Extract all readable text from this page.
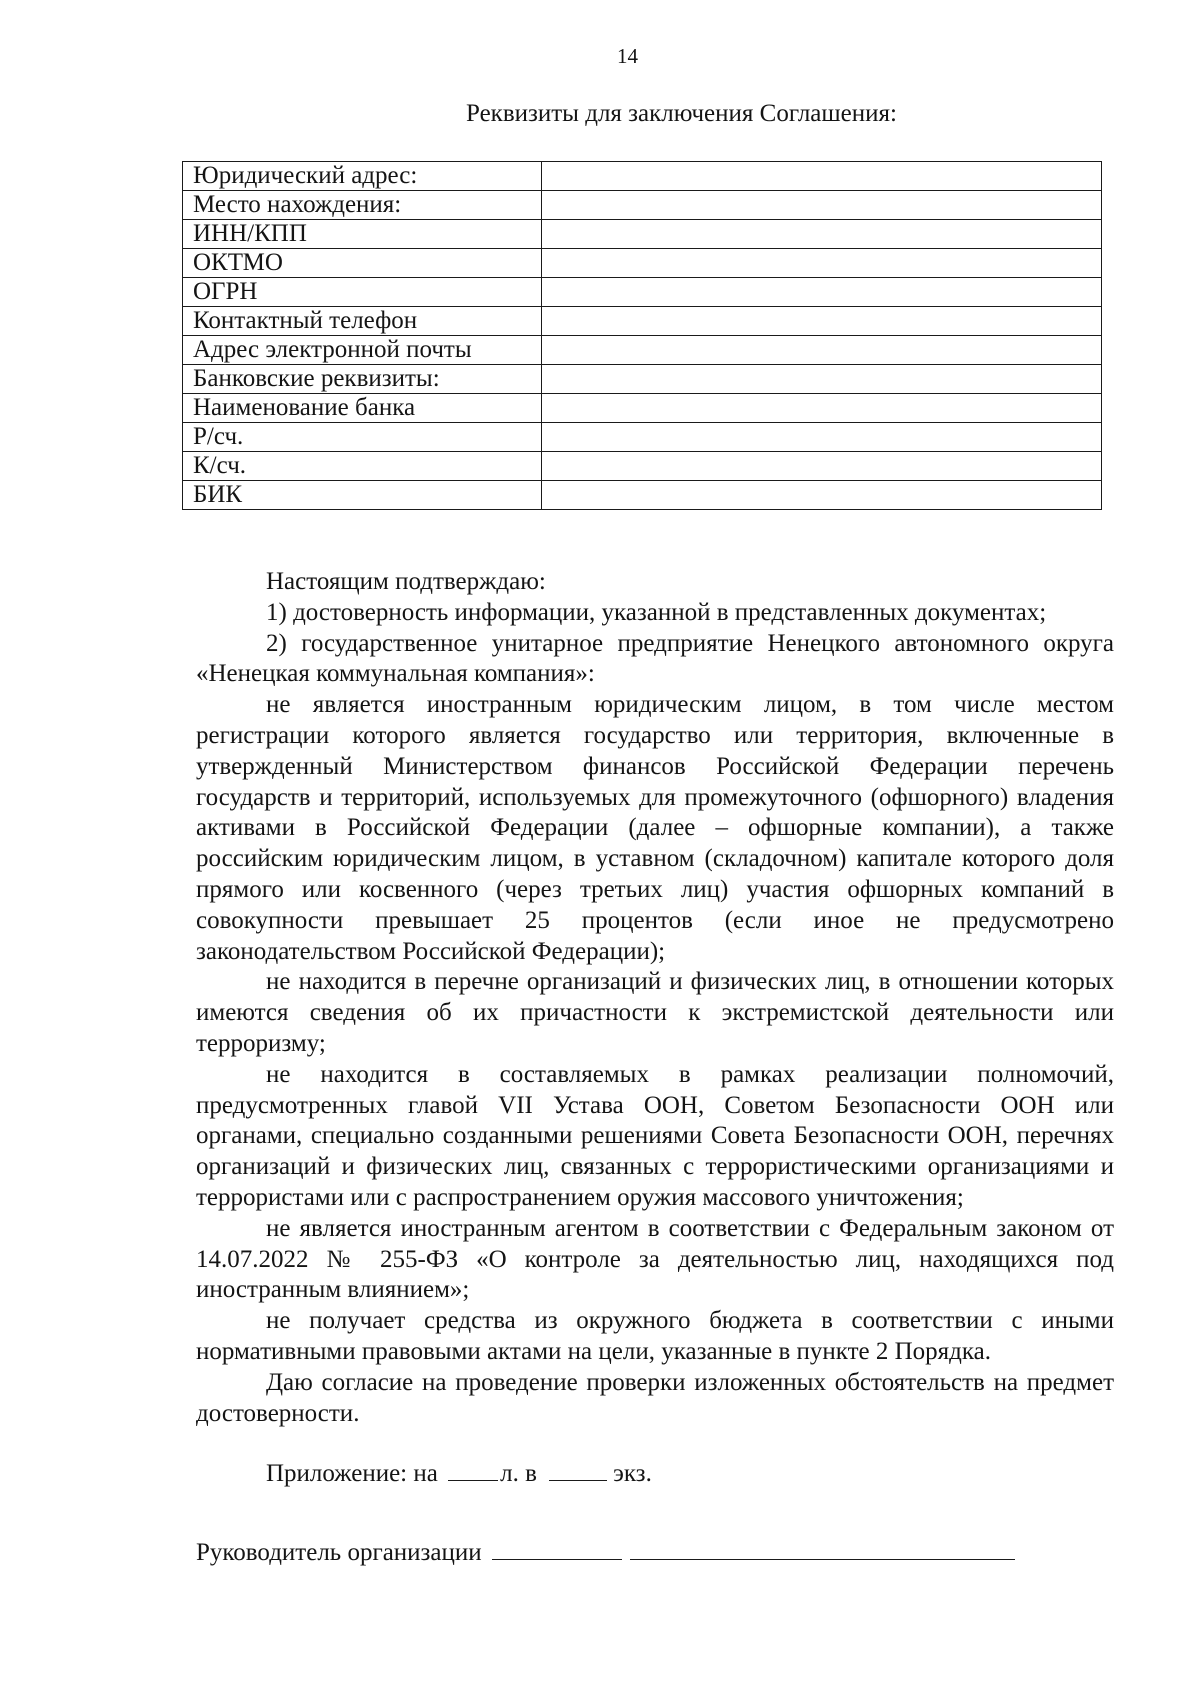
14
Реквизиты для заключения Соглашения:
Юридический адрес:	
Место нахождения:	
ИНН/КПП	
ОКТМО	
ОГРН	
Контактный телефон	
Адрес электронной почты	
Банковские реквизиты:	
Наименование банка	
Р/сч.	
К/сч.	
БИК	

Настоящим подтверждаю:

1) достоверность информации, указанной в представленных документах;

2) государственное унитарное предприятие Ненецкого автономного округа «Ненецкая коммунальная компания»:

не является иностранным юридическим лицом, в том числе местом регистрации которого является государство или территория, включенные в утвержденный Министерством финансов Российской Федерации перечень государств и территорий, используемых для промежуточного (офшорного) владения активами в Российской Федерации (далее – офшорные компании), а также российским юридическим лицом, в уставном (складочном) капитале которого доля прямого или косвенного (через третьих лиц) участия офшорных компаний в совокупности превышает 25 процентов (если иное не предусмотрено законодательством Российской Федерации);

не находится в перечне организаций и физических лиц, в отношении которых имеются сведения об их причастности к экстремистской деятельности или терроризму;

не находится в составляемых в рамках реализации полномочий, предусмотренных главой VII Устава ООН, Советом Безопасности ООН или органами, специально созданными решениями Совета Безопасности ООН, перечнях организаций и физических лиц, связанных с террористическими организациями и террористами или с распространением оружия массового уничтожения;

не является иностранным агентом в соответствии с Федеральным законом от 14.07.2022 № 255-ФЗ «О контроле за деятельностью лиц, находящихся под иностранным влиянием»;

не получает средства из окружного бюджета в соответствии с иными нормативными правовыми актами на цели, указанные в пункте 2 Порядка.

Даю согласие на проведение проверки изложенных обстоятельств на предмет достоверности.

Приложение: на л. в	экз.
Руководитель организации
